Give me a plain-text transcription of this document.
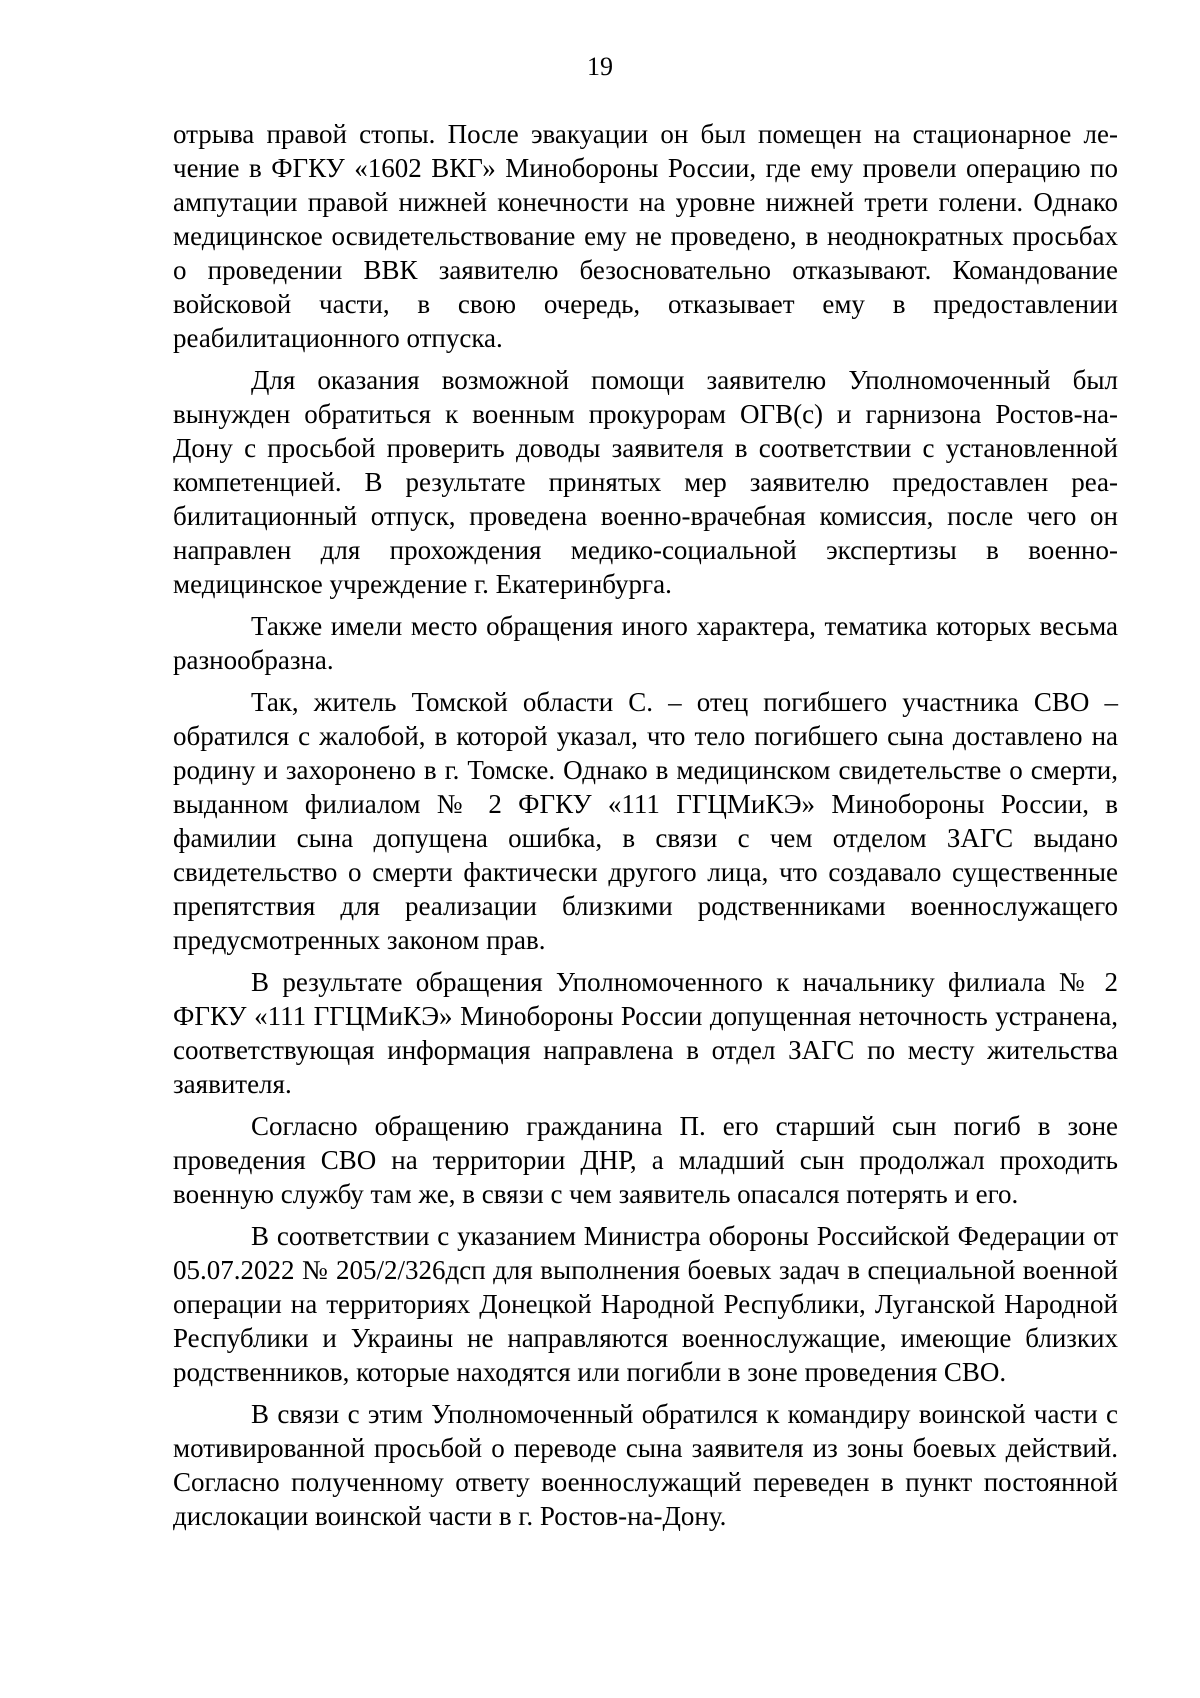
19

отрыва правой стопы. После эвакуации он был помещен на стационарное лечение в ФГКУ «1602 ВКГ» Минобороны России, где ему провели операцию по ампутации правой нижней конечности на уровне нижней трети голени. Однако медицинское освидетельствование ему не проведено, в неоднократных просьбах о проведении ВВК заявителю безосновательно отказывают. Командование войсковой части, в свою очередь, отказывает ему в предоставлении реабилитационного отпуска.

Для оказания возможной помощи заявителю Уполномоченный был вынужден обратиться к военным прокурорам ОГВ(с) и гарнизона Ростов-на-Дону с просьбой проверить доводы заявителя в соответствии с установленной компетенцией. В результате принятых мер заявителю предоставлен реабилитационный отпуск, проведена военно-врачебная комиссия, после чего он направлен для прохождения медико-социальной экспертизы в военно-медицинское учреждение г. Екатеринбурга.

Также имели место обращения иного характера, тематика которых весьма разнообразна.

Так, житель Томской области С. – отец погибшего участника СВО – обратился с жалобой, в которой указал, что тело погибшего сына доставлено на родину и захоронено в г. Томске. Однако в медицинском свидетельстве о смерти, выданном филиалом № 2 ФГКУ «111 ГГЦМиКЭ» Минобороны России, в фамилии сына допущена ошибка, в связи с чем отделом ЗАГС выдано свидетельство о смерти фактически другого лица, что создавало существенные препятствия для реализации близкими родственниками военнослужащего предусмотренных законом прав.

В результате обращения Уполномоченного к начальнику филиала № 2 ФГКУ «111 ГГЦМиКЭ» Минобороны России допущенная неточность устранена, соответствующая информация направлена в отдел ЗАГС по месту жительства заявителя.

Согласно обращению гражданина П. его старший сын погиб в зоне проведения СВО на территории ДНР, а младший сын продолжал проходить военную службу там же, в связи с чем заявитель опасался потерять и его.

В соответствии с указанием Министра обороны Российской Федерации от 05.07.2022 № 205/2/326дсп для выполнения боевых задач в специальной военной операции на территориях Донецкой Народной Республики, Луганской Народной Республики и Украины не направляются военнослужащие, имеющие близких родственников, которые находятся или погибли в зоне проведения СВО.

В связи с этим Уполномоченный обратился к командиру воинской части с мотивированной просьбой о переводе сына заявителя из зоны боевых действий. Согласно полученному ответу военнослужащий переведен в пункт постоянной дислокации воинской части в г. Ростов-на-Дону.
